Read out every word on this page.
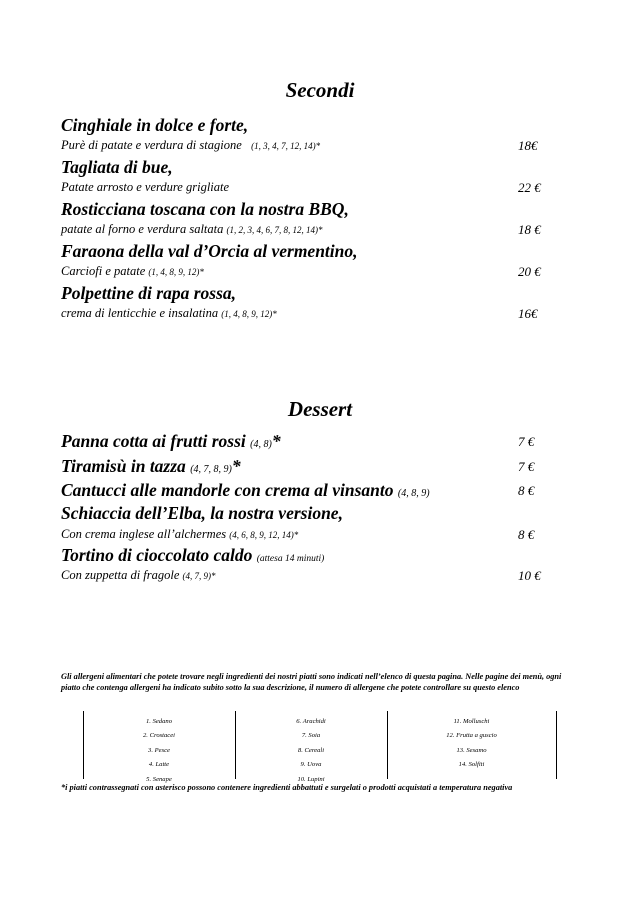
Secondi
Cinghiale in dolce e forte,
Purè di patate e verdura di stagione (1, 3, 4, 7, 12, 14)*	18€
Tagliata di bue,
Patate arrosto e verdure grigliate	22 €
Rosticciana toscana con la nostra BBQ,
patate al forno e verdura saltata (1, 2, 3, 4, 6, 7, 8, 12, 14)*	18 €
Faraona della val d’Orcia al vermentino,
Carciofi e patate (1, 4, 8, 9, 12)*	20 €
Polpettine di rapa rossa,
crema di lenticchie e insalatina (1, 4, 8, 9, 12)*	16€
Dessert
Panna cotta ai frutti rossi (4, 8)*	7 €
Tiramisù in tazza (4, 7, 8, 9)*	7 €
Cantucci alle mandorle con crema al vinsanto (4, 8, 9)	8 €
Schiaccia dell’Elba, la nostra versione,
Con crema inglese all’alchermes (4, 6, 8, 9, 12, 14)*	8 €
Tortino di cioccolato caldo (attesa 14 minuti)
Con zuppetta di fragole (4, 7, 9)*	10 €
Gli allergeni alimentari che potete trovare negli ingredienti dei nostri piatti sono indicati nell’elenco di questa pagina. Nelle pagine dei menù, ogni piatto che contenga allergeni ha indicato subito sotto la sua descrizione, il numero di allergene che potete controllare su questo elenco
1. Sedano
2. Crostacei
3. Pesce
4. Latte
5. Senape
6. Arachidi
7. Soia
8. Cereali
9. Uova
10. Lupini
11. Molluschi
12. Frutta a guscio
13. Sesamo
14. Solfiti
*i piatti contrassegnati con asterisco possono contenere ingredienti abbattuti e surgelati o prodotti acquistati a temperatura negativa
